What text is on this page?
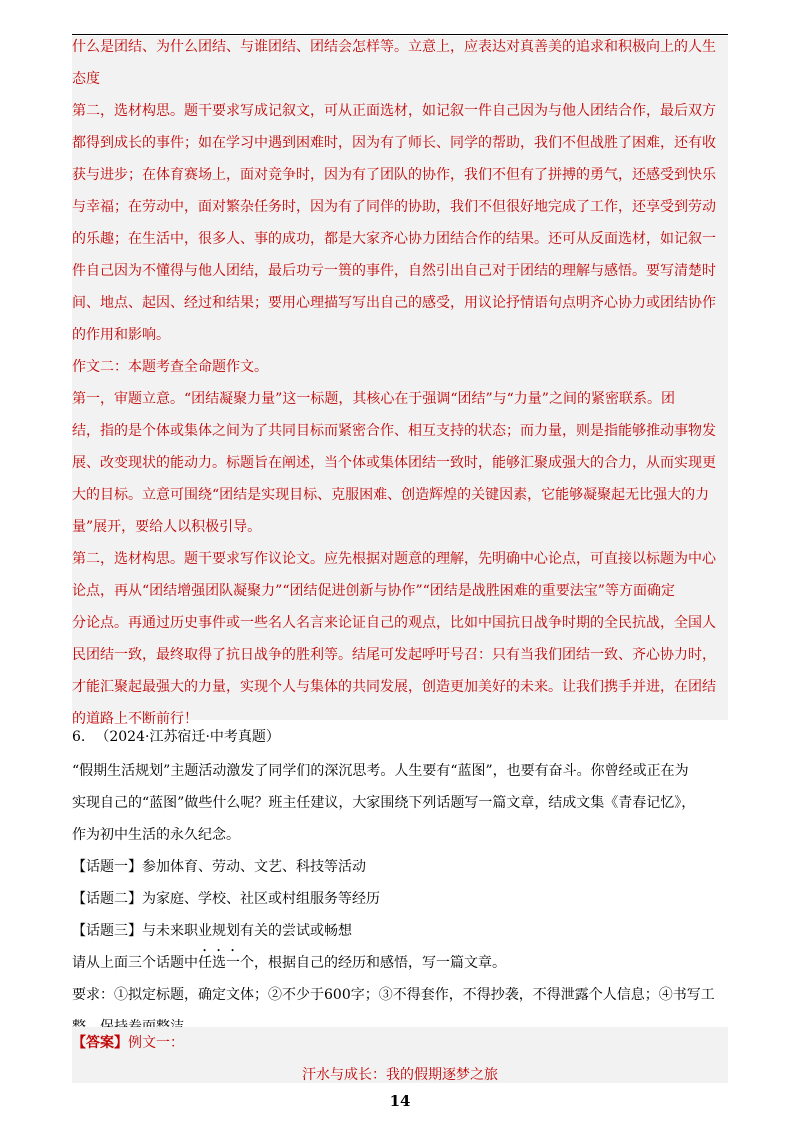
什么是团结、为什么团结、与谁团结、团结会怎样等。立意上，应表达对真善美的追求和积极向上的人生
态度
第二，选材构思。题干要求写成记叙文，可从正面选材，如记叙一件自己因为与他人团结合作，最后双方
都得到成长的事件；如在学习中遇到困难时，因为有了师长、同学的帮助，我们不但战胜了困难，还有收
获与进步；在体育赛场上，面对竞争时，因为有了团队的协作，我们不但有了拼搏的勇气，还感受到快乐
与幸福；在劳动中，面对繁杂任务时，因为有了同伴的协助，我们不但很好地完成了工作，还享受到劳动
的乐趣；在生活中，很多人、事的成功，都是大家齐心协力团结合作的结果。还可从反面选材，如记叙一
件自己因为不懂得与他人团结，最后功亏一篑的事件，自然引出自己对于团结的理解与感悟。要写清楚时
间、地点、起因、经过和结果；要用心理描写写出自己的感受，用议论抒情语句点明齐心协力或团结协作
的作用和影响。
作文二：本题考查全命题作文。
第一，审题立意。“团结凝聚力量”这一标题，其核心在于强调“团结”与“力量”之间的紧密联系。团
结，指的是个体或集体之间为了共同目标而紧密合作、相互支持的状态；而力量，则是指能够推动事物发
展、改变现状的能动力。标题旨在阐述，当个体或集体团结一致时，能够汇聚成强大的合力，从而实现更
大的目标。立意可围绕“团结是实现目标、克服困难、创造辉煌的关键因素，它能够凝聚起无比强大的力
量”展开，要给人以积极引导。
第二，选材构思。题干要求写作议论文。应先根据对题意的理解，先明确中心论点，可直接以标题为中心
论点，再从“团结增强团队凝聚力”“团结促进创新与协作”“团结是战胜困难的重要法宝”等方面确定
分论点。再通过历史事件或一些名人名言来论证自己的观点，比如中国抗日战争时期的全民抗战，全国人
民团结一致，最终取得了抗日战争的胜利等。结尾可发起呼吁号召：只有当我们团结一致、齐心协力时，
才能汇聚起最强大的力量，实现个人与集体的共同发展，创造更加美好的未来。让我们携手并进，在团结
的道路上不断前行！
6. （2024·江苏宿迁·中考真题）
“假期生活规划”主题活动激发了同学们的深沉思考。人生要有“蓝图”，也要有奋斗。你曾经或正在为
实现自己的“蓝图”做些什么呢？班主任建议，大家围绕下列话题写一篇文章，结成文集《青春记忆》，
作为初中生活的永久纪念。
【话题一】参加体育、劳动、文艺、科技等活动
【话题二】为家庭、学校、社区或村组服务等经历
【话题三】与未来职业规划有关的尝试或畅想
请从上面三个话题中任选一个，根据自己的经历和感悟，写一篇文章。
要求：①拟定标题，确定文体；②不少于600字；③不得套作，不得抄袭，不得泄露个人信息；④书写工
【答案】例文一：
汗水与成长：我的假期逐梦之旅
14
